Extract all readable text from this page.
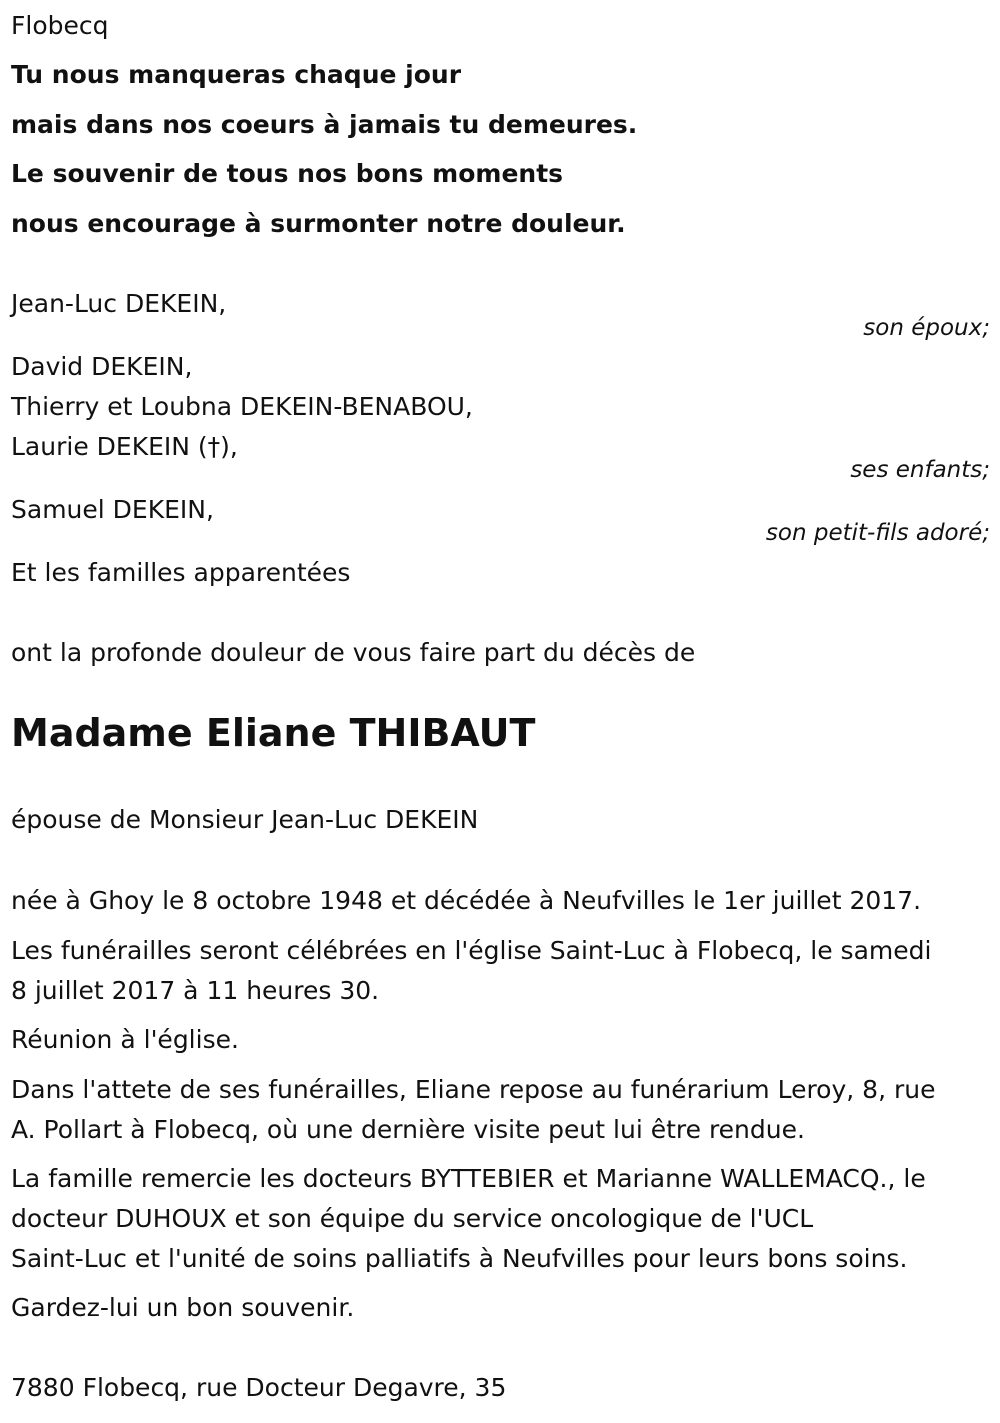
Flobecq

Tu nous manqueras chaque jour

mais dans nos coeurs à jamais tu demeures.

Le souvenir de tous nos bons moments

nous encourage à surmonter notre douleur.

Jean-Luc DEKEIN,

son époux;

David DEKEIN,

Thierry et Loubna DEKEIN-BENABOU,

Laurie DEKEIN (†),

ses enfants;

Samuel DEKEIN,

son petit-fils adoré;

Et les familles apparentées

ont la profonde douleur de vous faire part du décès de

Madame Eliane THIBAUT

épouse de Monsieur Jean-Luc DEKEIN

née à Ghoy le 8 octobre 1948 et décédée à Neufvilles le 1er juillet 2017.

Les funérailles seront célébrées en l'église Saint-Luc à Flobecq, le samedi

8 juillet 2017 à 11 heures 30.

Réunion à l'église.

Dans l'attete de ses funérailles, Eliane repose au funérarium Leroy, 8, rue

A. Pollart à Flobecq, où une dernière visite peut lui être rendue.

La famille remercie les docteurs BYTTEBIER et Marianne WALLEMACQ., le

docteur DUHOUX et son équipe du service oncologique de l'UCL

Saint-Luc et l'unité de soins palliatifs à Neufvilles pour leurs bons soins.

Gardez-lui un bon souvenir.

7880 Flobecq, rue Docteur Degavre, 35
